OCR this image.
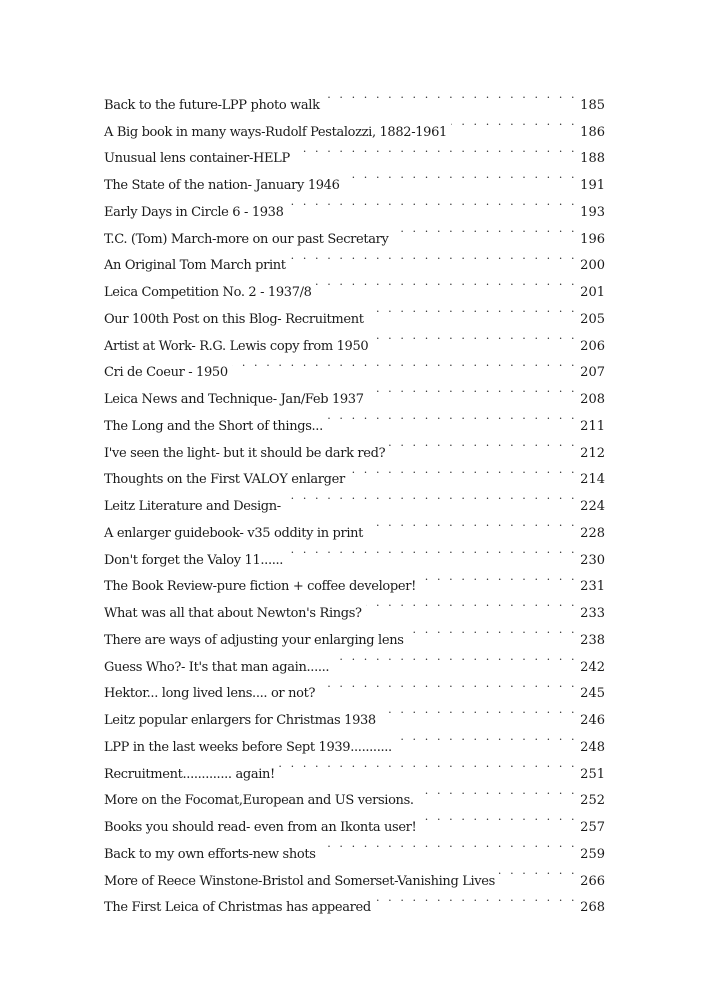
Back to the future-LPP photo walk . . .	185
A Big book in many ways-Rudolf Pestalozzi, 1882-1961 . . .	186
Unusual lens container-HELP . . .	188
The State of the nation- January 1946 . . .	191
Early Days in Circle 6 - 1938 . . .	193
T.C. (Tom) March-more on our past Secretary . . .	196
An Original Tom March print . . .	200
Leica Competition No. 2 - 1937/8 . . .	201
Our 100th Post on this Blog- Recruitment . . .	205
Artist at Work- R.G. Lewis copy from 1950 . . .	206
Cri de Coeur - 1950 . . .	207
Leica News and Technique- Jan/Feb 1937 . . .	208
The Long and the Short of things... . . .	211
I've seen the light- but it should be dark red? . . .	212
Thoughts on the First VALOY enlarger . . .	214
Leitz Literature and Design- . . .	224
A enlarger guidebook- v35 oddity in print . . .	228
Don't forget the Valoy 11...... . . .	230
The Book Review-pure fiction + coffee developer! . . .	231
What was all that about Newton's Rings? . . .	233
There are ways of adjusting your enlarging lens . . .	238
Guess Who?- It's that man again...... . . .	242
Hektor... long lived lens.... or not? . . .	245
Leitz popular enlargers for Christmas 1938 . . .	246
LPP in the last weeks before Sept 1939........... . . .	248
Recruitment............. again! . . .	251
More on the Focomat,European and US versions. . . .	252
Books you should read- even from an Ikonta user! . . .	257
Back to my own efforts-new shots . . .	259
More of Reece Winstone-Bristol and Somerset-Vanishing Lives . . .	266
The First Leica of Christmas has appeared . . .	268
